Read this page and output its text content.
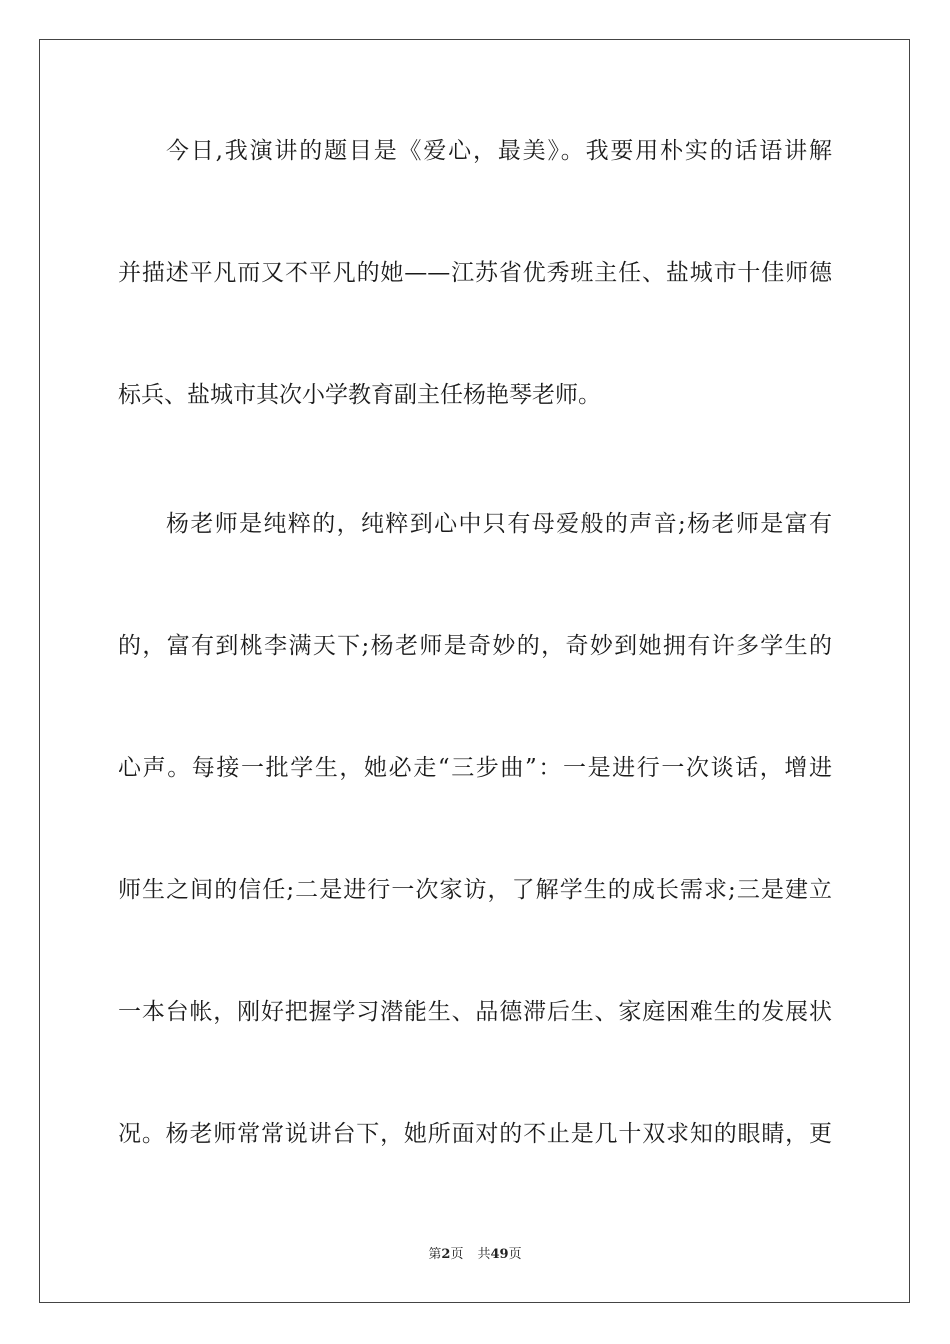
今日,我演讲的题目是《爱心，最美》。我要用朴实的话语讲解
并描述平凡而又不平凡的她——江苏省优秀班主任、盐城市十佳师德
标兵、盐城市其次小学教育副主任杨艳琴老师。
杨老师是纯粹的，纯粹到心中只有母爱般的声音;杨老师是富有
的，富有到桃李满天下;杨老师是奇妙的，奇妙到她拥有许多学生的
心声。每接一批学生，她必走“三步曲”：一是进行一次谈话，增进
师生之间的信任;二是进行一次家访，了解学生的成长需求;三是建立
一本台帐，刚好把握学习潜能生、品德滞后生、家庭困难生的发展状
况。杨老师常常说讲台下，她所面对的不止是几十双求知的眼睛，更
第2页 共49页
